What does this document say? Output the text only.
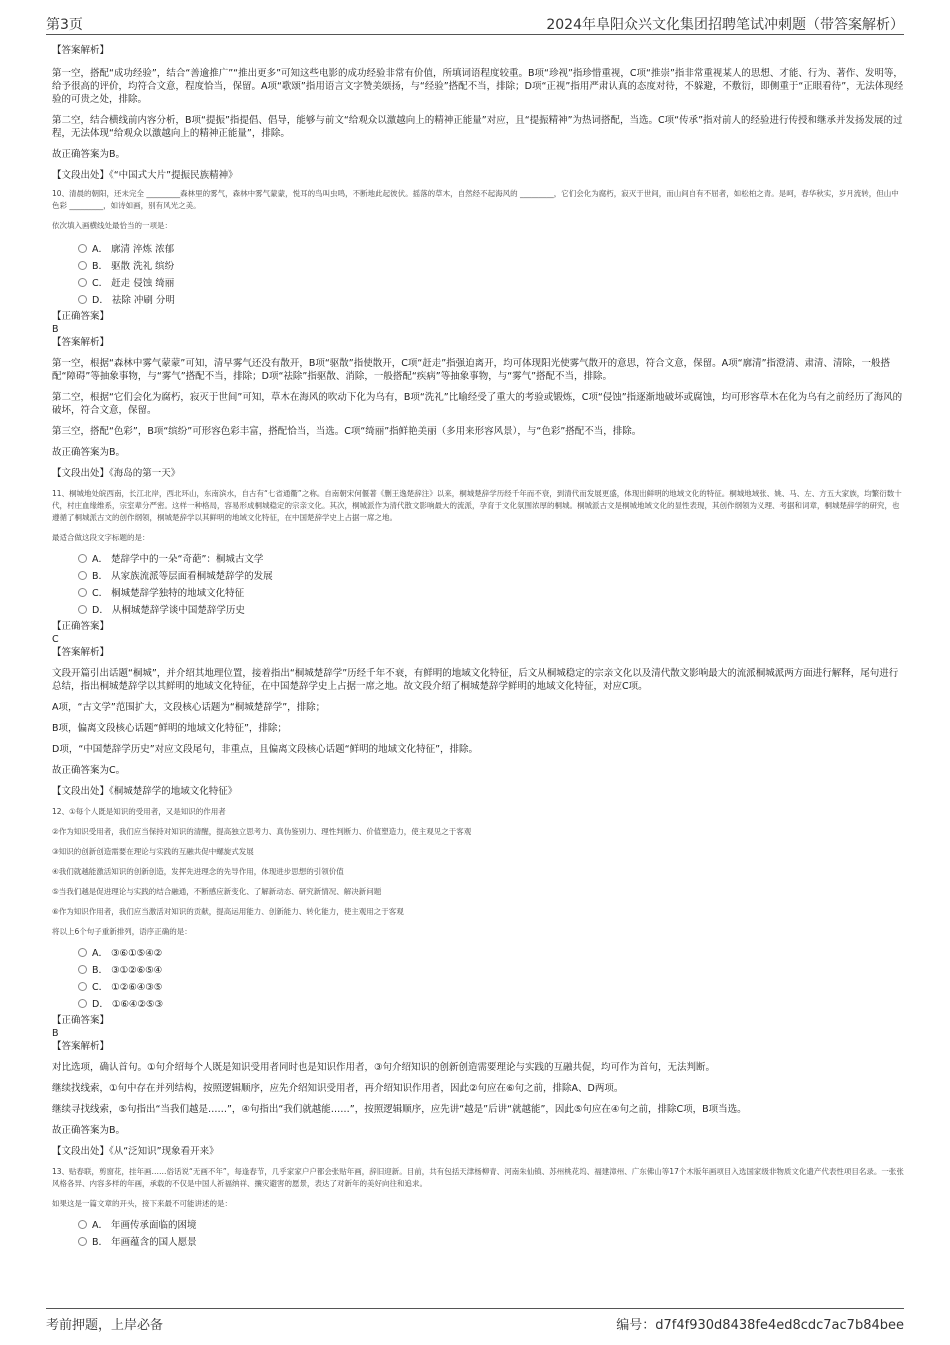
第3页	2024年阜阳众兴文化集团招聘笔试冲刺题（带答案解析）

【答案解析】

第一空，搭配“成功经验”，结合“善逾推广”“推出更多”可知这些电影的成功经验非常有价值，所填词语程度较重。B项“珍视”指珍惜重视，C项“推崇”指非常重视某人的思想、才能、行为、著作、发明等，给予很高的评价，均符合文意，程度恰当，保留。A项“歌颂”指用语言文字赞美颂扬，与“经验”搭配不当，排除；D项“正视”指用严肃认真的态度对待，不躲避，不敷衍，即侧重于“正眼看待”，无法体现经验的可贵之处，排除。

第二空，结合横线前内容分析，B项“提振”指提倡、倡导，能够与前文“给观众以激越向上的精神正能量”对应，且“提振精神”为热词搭配，当选。C项“传承”指对前人的经验进行传授和继承并发扬发展的过程，无法体现“给观众以激越向上的精神正能量”，排除。

故正确答案为B。

【文段出处】《“中国式大片”提振民族精神》

10、清晨的朝阳，还未完全 _________森林里的雾气，森林中雾气蒙蒙，悦耳的鸟叫虫鸣，不断地此起彼伏。摇落的草木，自然经不起海风的 _________，它们会化为腐朽，寂灭于世间，而山间自有不屈者，如松柏之青。是呵，春华秋实，岁月流转，但山中色彩 _________，如诗如画，别有风光之美。

依次填入画横线处最恰当的一项是：

A． 廓清 淬炼 浓郁

B． 驱散 洗礼 缤纷

C． 赶走 侵蚀 绮丽

D． 祛除 冲刷 分明

【正确答案】

B

【答案解析】

第一空，根据“森林中雾气蒙蒙”可知，清早雾气还没有散开，B项“驱散”指使散开，C项“赶走”指强迫离开，均可体现阳光使雾气散开的意思，符合文意，保留。A项“廓清”指澄清、肃清、清除，一般搭配“障碍”等抽象事物，与“雾气”搭配不当，排除；D项“祛除”指驱散、消除，一般搭配“疾病”等抽象事物，与“雾气”搭配不当，排除。

第二空，根据“它们会化为腐朽，寂灭于世间”可知，草木在海风的吹动下化为乌有，B项“洗礼”比喻经受了重大的考验或锻炼，C项“侵蚀”指逐渐地破坏或腐蚀，均可形容草木在化为乌有之前经历了海风的破坏，符合文意，保留。

第三空，搭配“色彩”，B项“缤纷”可形容色彩丰富，搭配恰当，当选。C项“绮丽”指鲜艳美丽（多用来形容风景），与“色彩”搭配不当，排除。

故正确答案为B。

【文段出处】《海岛的第一天》

11、桐城地处皖西南，长江北岸，西北环山，东南滨水，自古有“七省通衢”之称。自南朝宋何偃著《删王逸楚辞注》以来，桐城楚辞学历经千年而不衰，到清代而发展更盛，体现出鲜明的地域文化的特征。桐城地域张、姚、马、左、方五大家族，均繁衍数十代，村庄血缘维系，宗室辈分严密。这样一种格局，容易形成桐城稳定的宗亲文化。其次，桐城派作为清代散文影响最大的流派，孕育于文化氛围浓厚的桐城。桐城派古文是桐城地域文化的显性表现，其创作纲领为义理、考据和词章，桐城楚辞学的研究，也遵循了桐城派古文的创作纲领，桐城楚辞学以其鲜明的地域文化特征，在中国楚辞学史上占据一席之地。

最适合做这段文字标题的是：

A． 楚辞学中的一朵“奇葩”：桐城古文学

B． 从家族流派等层面看桐城楚辞学的发展

C． 桐城楚辞学独特的地域文化特征

D． 从桐城楚辞学谈中国楚辞学历史

【正确答案】

C

【答案解析】

文段开篇引出话题“桐城”，并介绍其地理位置，接着指出“桐城楚辞学”历经千年不衰，有鲜明的地域文化特征，后文从桐城稳定的宗亲文化以及清代散文影响最大的流派桐城派两方面进行解释，尾句进行总结，指出桐城楚辞学以其鲜明的地域文化特征，在中国楚辞学史上占据一席之地。故文段介绍了桐城楚辞学鲜明的地域文化特征，对应C项。

A项，“古文学”范围扩大，文段核心话题为“桐城楚辞学”，排除；

B项，偏离文段核心话题“鲜明的地域文化特征”，排除；

D项，“中国楚辞学历史”对应文段尾句，非重点，且偏离文段核心话题“鲜明的地域文化特征”，排除。

故正确答案为C。

【文段出处】《桐城楚辞学的地域文化特征》

12、①每个人既是知识的受用者，又是知识的作用者

②作为知识受用者，我们应当保持对知识的清醒，提高独立思考力、真伪鉴别力、理性判断力、价值塑造力，使主观见之于客观

③知识的创新创造需要在理论与实践的互融共促中螺旋式发展

④我们就越能激活知识的创新创造，发挥先进理念的先导作用，体现进步思想的引领价值

⑤当我们越是促进理论与实践的结合融通，不断感应新变化、了解新动态、研究新情况、解决新问题

⑥作为知识作用者，我们应当激活对知识的贡献，提高运用能力、创新能力、转化能力，使主观用之于客观

将以上6个句子重新排列，语序正确的是：

A． ③⑥①⑤④②

B． ③①②⑥⑤④

C． ①②⑥④③⑤

D． ①⑥④②⑤③

【正确答案】

B

【答案解析】

对比选项，确认首句。①句介绍每个人既是知识受用者同时也是知识作用者，③句介绍知识的创新创造需要理论与实践的互融共促，均可作为首句，无法判断。

继续找线索，①句中存在并列结构，按照逻辑顺序，应先介绍知识受用者，再介绍知识作用者，因此②句应在⑥句之前，排除A、D两项。

继续寻找线索，⑤句指出“当我们越是……”，④句指出“我们就越能……”，按照逻辑顺序，应先讲“越是”后讲“就越能”，因此⑤句应在④句之前，排除C项，B项当选。

故正确答案为B。

【文段出处】《从“泛知识”现象看开来》

13、贴春联，剪窗花，挂年画……俗话说“无画不年”，每逢春节，几乎家家户户都会张贴年画，辞旧迎新。目前，共有包括天津杨柳青、河南朱仙镇、苏州桃花坞、福建漳州、广东佛山等17个木版年画项目入选国家级非物质文化遗产代表性项目名录。一张张风格各异、内容多样的年画，承载的不仅是中国人祈福纳祥、攘灾避害的愿景，表达了对新年的美好向往和追求。

如果这是一篇文章的开头，接下来最不可能讲述的是：

A． 年画传承面临的困境

B． 年画蕴含的国人愿景

考前押题，上岸必备	编号：d7f4f930d8438fe4ed8cdc7ac7b84bee
